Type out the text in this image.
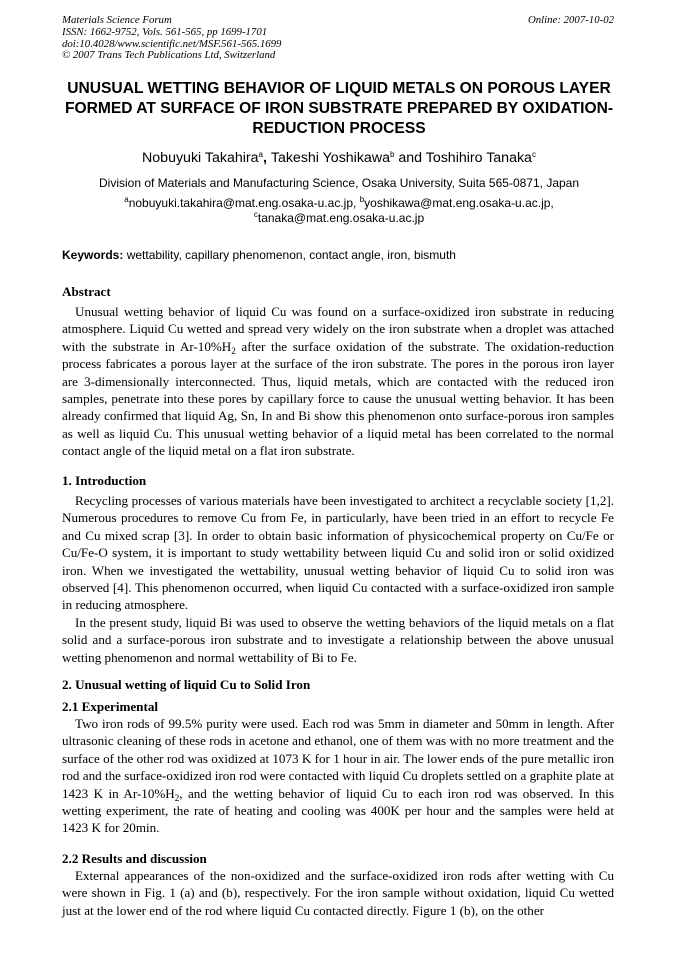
Materials Science Forum
ISSN: 1662-9752, Vols. 561-565, pp 1699-1701
doi:10.4028/www.scientific.net/MSF.561-565.1699
© 2007 Trans Tech Publications Ltd, Switzerland
Online: 2007-10-02
UNUSUAL WETTING BEHAVIOR OF LIQUID METALS ON POROUS LAYER FORMED AT SURFACE OF IRON SUBSTRATE PREPARED BY OXIDATION-REDUCTION PROCESS
Nobuyuki Takahira$^a$, Takeshi Yoshikawa$^b$ and Toshihiro Tanaka$^c$
Division of Materials and Manufacturing Science, Osaka University, Suita 565-0871, Japan
$^a$nobuyuki.takahira@mat.eng.osaka-u.ac.jp, $^b$yoshikawa@mat.eng.osaka-u.ac.jp,
$^c$tanaka@mat.eng.osaka-u.ac.jp
Keywords: wettability, capillary phenomenon, contact angle, iron, bismuth
Abstract

Unusual wetting behavior of liquid Cu was found on a surface-oxidized iron substrate in reducing atmosphere. Liquid Cu wetted and spread very widely on the iron substrate when a droplet was attached with the substrate in $Ar-10\%H_2$ after the surface oxidation of the substrate. The oxidation-reduction process fabricates a porous layer at the surface of the iron substrate. The pores in the porous iron layer are 3-dimensionally interconnected. Thus, liquid metals, which are contacted with the reduced iron samples, penetrate into these pores by capillary force to cause the unusual wetting behavior. It has been already confirmed that liquid Ag, Sn, In and Bi show this phenomenon onto surface-porous iron samples as well as liquid Cu. This unusual wetting behavior of a liquid metal has been correlated to the normal contact angle of the liquid metal on a flat iron substrate.

1. Introduction

Recycling processes of various materials have been investigated to architect a recyclable society [1,2]. Numerous procedures to remove Cu from Fe, in particularly, have been tried in an effort to recycle Fe and Cu mixed scrap [3]. In order to obtain basic information of physicochemical property on Cu/Fe or Cu/Fe-O system, it is important to study wettability between liquid Cu and solid iron or solid oxidized iron. When we investigated the wettability, unusual wetting behavior of liquid Cu to solid iron was observed [4]. This phenomenon occurred, when liquid Cu contacted with a surface-oxidized iron sample in reducing atmosphere.

In the present study, liquid Bi was used to observe the wetting behaviors of the liquid metals on a flat solid and a surface-porous iron substrate and to investigate a relationship between the above unusual wetting phenomenon and normal wettability of Bi to Fe.

2. Unusual wetting of liquid Cu to Solid Iron
2.1 Experimental

Two iron rods of 99.5% purity were used. Each rod was 5mm in diameter and 50mm in length. After ultrasonic cleaning of these rods in acetone and ethanol, one of them was with no more treatment and the surface of the other rod was oxidized at 1073 K for 1 hour in air. The lower ends of the pure metallic iron rod and the surface-oxidized iron rod were contacted with liquid Cu droplets settled on a graphite plate at 1423 K in $Ar-10\%H_2$, and the wetting behavior of liquid Cu to each iron rod was observed. In this wetting experiment, the rate of heating and cooling was 400K per hour and the samples were held at 1423 K for 20min.

2.2 Results and discussion

External appearances of the non-oxidized and the surface-oxidized iron rods after wetting with Cu were shown in Fig. 1 (a) and (b), respectively. For the iron sample without oxidation, liquid Cu wetted just at the lower end of the rod where liquid Cu contacted directly. Figure 1 (b), on the other
